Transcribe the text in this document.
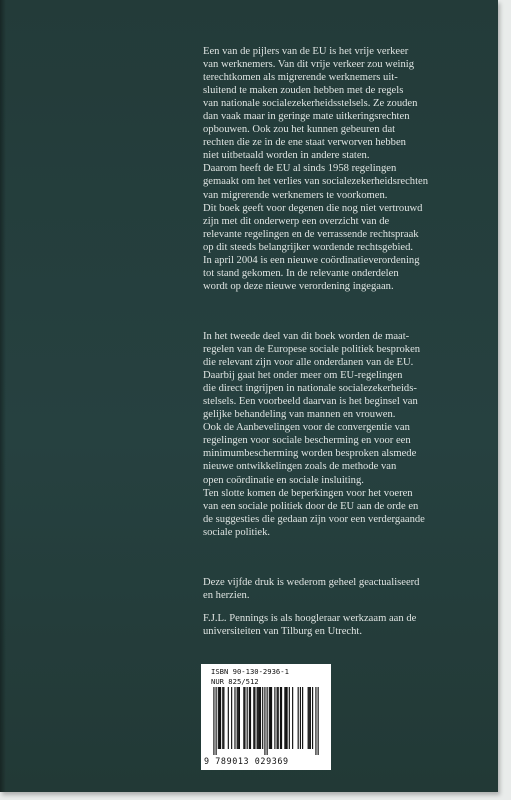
Een van de pijlers van de EU is het vrije verkeer
van werknemers. Van dit vrije verkeer zou weinig
terechtkomen als migrerende werknemers uit-
sluitend te maken zouden hebben met de regels
van nationale socialezekerheidsstelsels. Ze zouden
dan vaak maar in geringe mate uitkeringsrechten
opbouwen. Ook zou het kunnen gebeuren dat
rechten die ze in de ene staat verworven hebben
niet uitbetaald worden in andere staten.
Daarom heeft de EU al sinds 1958 regelingen
gemaakt om het verlies van socialezekerheidsrechten
van migrerende werknemers te voorkomen.
Dit boek geeft voor degenen die nog niet vertrouwd
zijn met dit onderwerp een overzicht van de
relevante regelingen en de verrassende rechtspraak
op dit steeds belangrijker wordende rechtsgebied.
In april 2004 is een nieuwe coördinatieverordening
tot stand gekomen. In de relevante onderdelen
wordt op deze nieuwe verordening ingegaan.
In het tweede deel van dit boek worden de maat-
regelen van de Europese sociale politiek besproken
die relevant zijn voor alle onderdanen van de EU.
Daarbij gaat het onder meer om EU-regelingen
die direct ingrijpen in nationale socialezekerheids-
stelsels. Een voorbeeld daarvan is het beginsel van
gelijke behandeling van mannen en vrouwen.
Ook de Aanbevelingen voor de convergentie van
regelingen voor sociale bescherming en voor een
minimumbescherming worden besproken alsmede
nieuwe ontwikkelingen zoals de methode van
open coördinatie en sociale insluiting.
Ten slotte komen de beperkingen voor het voeren
van een sociale politiek door de EU aan de orde en
de suggesties die gedaan zijn voor een verdergaande
sociale politiek.
Deze vijfde druk is wederom geheel geactualiseerd
en herzien.
F.J.L. Pennings is als hoogleraar werkzaam aan de
universiteiten van Tilburg en Utrecht.
ISBN 90-130-2936-1
NUR 825/512
9 789013 029369
